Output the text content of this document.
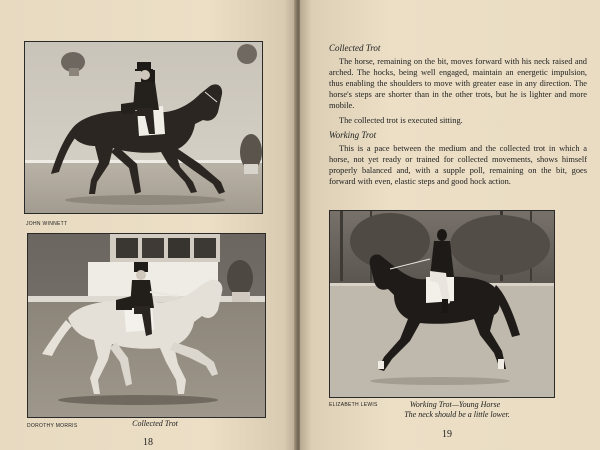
JOHN WINNETT
DOROTHY MORRIS	Collected Trot
18
Collected Trot

The horse, remaining on the bit, moves forward with his neck raised and arched. The hocks, being well engaged, maintain an energetic impulsion, thus enabling the shoulders to move with greater ease in any direction. The horse's steps are shorter than in the other trots, but he is lighter and more mobile.

The collected trot is executed sitting.

Working Trot

This is a pace between the medium and the collected trot in which a horse, not yet ready or trained for collected movements, shows himself properly balanced and, with a supple poll, remaining on the bit, goes forward with even, elastic steps and good hock action.

ELIZABETH LEWIS	Working Trot—Young Horse
The neck should be a little lower.
19
